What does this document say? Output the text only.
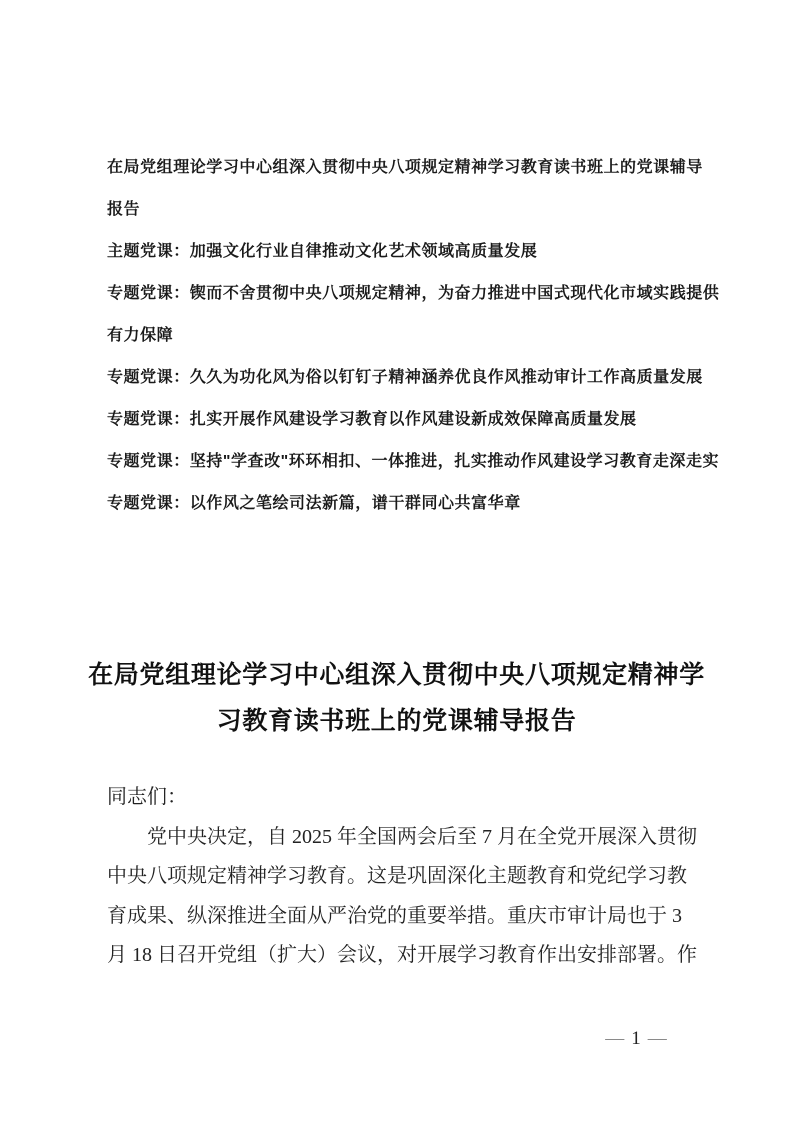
在局党组理论学习中心组深入贯彻中央八项规定精神学习教育读书班上的党课辅导
报告
主题党课：加强文化行业自律推动文化艺术领域高质量发展
专题党课：锲而不舍贯彻中央八项规定精神，为奋力推进中国式现代化市域实践提供
有力保障
专题党课：久久为功化风为俗以钉钉子精神涵养优良作风推动审计工作高质量发展
专题党课：扎实开展作风建设学习教育以作风建设新成效保障高质量发展
专题党课：坚持"学查改"环环相扣、一体推进，扎实推动作风建设学习教育走深走实
专题党课：以作风之笔绘司法新篇，谱干群同心共富华章
在局党组理论学习中心组深入贯彻中央八项规定精神学
习教育读书班上的党课辅导报告
同志们：
党中央决定，自 2025 年全国两会后至 7 月在全党开展深入贯彻
中央八项规定精神学习教育。这是巩固深化主题教育和党纪学习教
育成果、纵深推进全面从严治党的重要举措。重庆市审计局也于 3
月 18 日召开党组（扩大）会议，对开展学习教育作出安排部署。作
— 1 —
